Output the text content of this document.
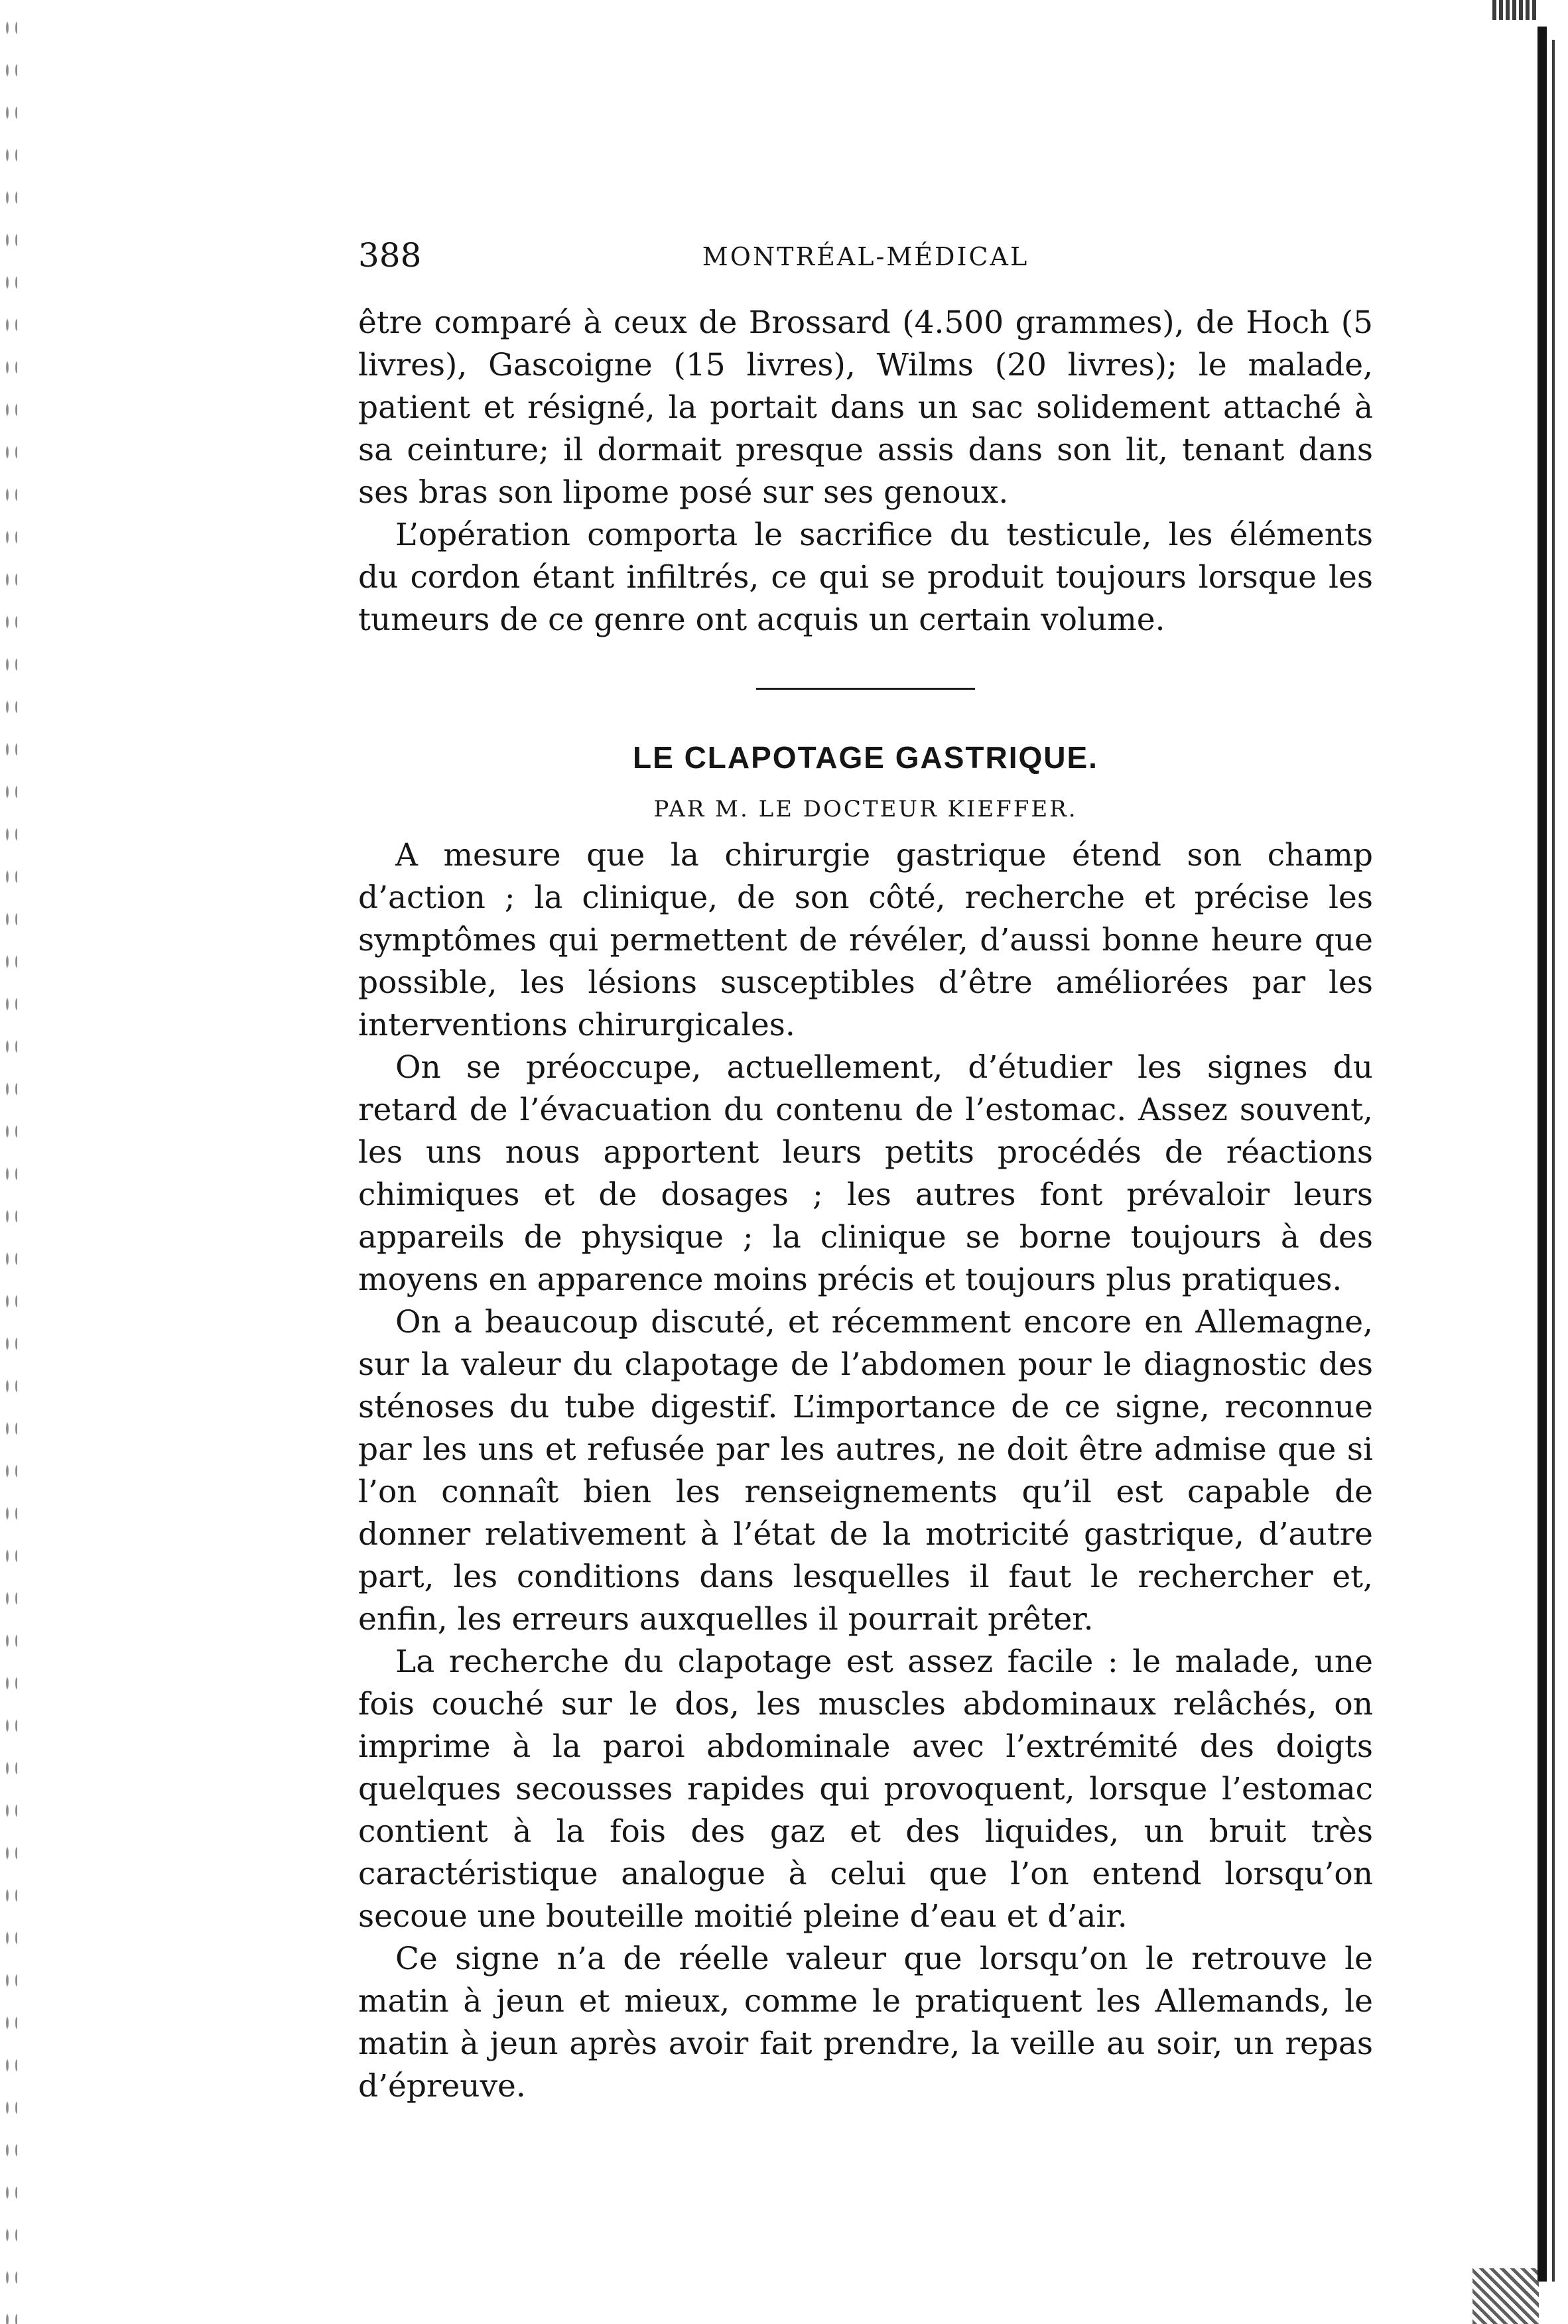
388	MONTRÉAL-MÉDICAL

être comparé à ceux de Brossard (4.500 grammes), de Hoch (5 livres), Gascoigne (15 livres), Wilms (20 livres); le malade, patient et résigné, la portait dans un sac solidement attaché à sa ceinture; il dormait presque assis dans son lit, tenant dans ses bras son lipome posé sur ses genoux.

L’opération comporta le sacrifice du testicule, les éléments du cordon étant infiltrés, ce qui se produit toujours lorsque les tumeurs de ce genre ont acquis un certain volume.

LE CLAPOTAGE GASTRIQUE.
PAR M. LE DOCTEUR KIEFFER.

A mesure que la chirurgie gastrique étend son champ d’action ; la clinique, de son côté, recherche et précise les symptômes qui permettent de révéler, d’aussi bonne heure que possible, les lésions susceptibles d’être améliorées par les interventions chirurgicales.

On se préoccupe, actuellement, d’étudier les signes du retard de l’évacuation du contenu de l’estomac. Assez souvent, les uns nous apportent leurs petits procédés de réactions chimiques et de dosages ; les autres font prévaloir leurs appareils de physique ; la clinique se borne toujours à des moyens en apparence moins précis et toujours plus pratiques.

On a beaucoup discuté, et récemment encore en Allemagne, sur la valeur du clapotage de l’abdomen pour le diagnostic des sténoses du tube digestif. L’importance de ce signe, reconnue par les uns et refusée par les autres, ne doit être admise que si l’on connaît bien les renseignements qu’il est capable de donner relativement à l’état de la motricité gastrique, d’autre part, les conditions dans lesquelles il faut le rechercher et, enfin, les erreurs auxquelles il pourrait prêter.

La recherche du clapotage est assez facile : le malade, une fois couché sur le dos, les muscles abdominaux relâchés, on imprime à la paroi abdominale avec l’extrémité des doigts quelques secousses rapides qui provoquent, lorsque l’estomac contient à la fois des gaz et des liquides, un bruit très caractéristique analogue à celui que l’on entend lorsqu’on secoue une bouteille moitié pleine d’eau et d’air.

Ce signe n’a de réelle valeur que lorsqu’on le retrouve le matin à jeun et mieux, comme le pratiquent les Allemands, le matin à jeun après avoir fait prendre, la veille au soir, un repas d’épreuve.
